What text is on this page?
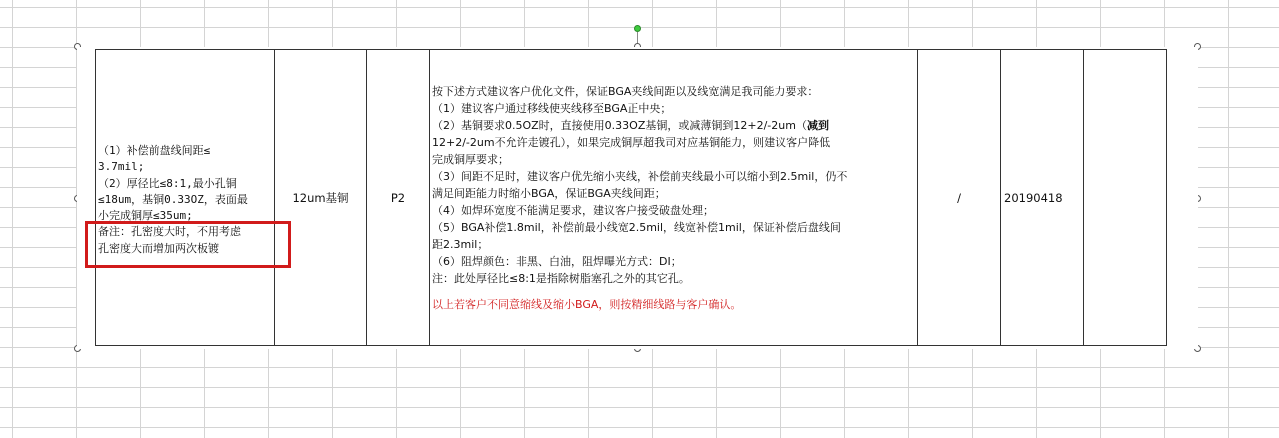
（1）补偿前盘线间距≤
3.7mil;
（2）厚径比≤8:1,最小孔铜
≤18um，基铜0.33OZ，表面最
小完成铜厚≤35um;
备注：孔密度大时，不用考虑
孔密度大而增加两次板镀
12um基铜	P2
按下述方式建议客户优化文件，保证BGA夹线间距以及线宽满足我司能力要求：
（1）建议客户通过移线使夹线移至BGA正中央；
（2）基铜要求0.5OZ时，直接使用0.33OZ基铜，或减薄铜到12+2/-2um（减到
12+2/-2um不允许走镀孔），如果完成铜厚超我司对应基铜能力，则建议客户降低
完成铜厚要求；
（3）间距不足时，建议客户优先缩小夹线，补偿前夹线最小可以缩小到2.5mil，仍不
满足间距能力时缩小BGA，保证BGA夹线间距；
（4）如焊环宽度不能满足要求，建议客户接受破盘处理；
（5）BGA补偿1.8mil，补偿前最小线宽2.5mil，线宽补偿1mil，保证补偿后盘线间
距2.3mil；
（6）阻焊颜色：非黑、白油，阻焊曝光方式：DI；
注：此处厚径比≤8:1是指除树脂塞孔之外的其它孔。
以上若客户不同意缩线及缩小BGA，则按精细线路与客户确认。
/	20190418
